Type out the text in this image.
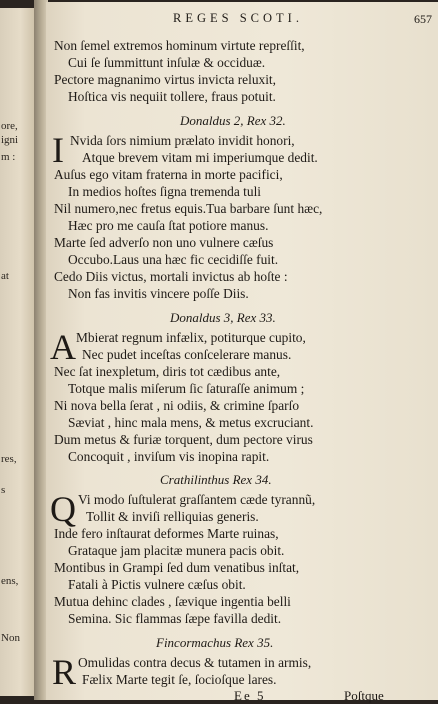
ore,
igni
m :
at
res,
s
ens,
Non
REGES SCOTI.	657
Non ſemel extremos hominum virtute repreſſit,
Cui ſe ſummittunt inſulæ & occiduæ.
Pectore magnanimo virtus invicta reluxit,
Hoſtica vis nequiit tollere, fraus potuit.
Donaldus 2, Rex 32.
I Nvida ſors nimium prælato invidit honori,
Atque brevem vitam mi imperiumque dedit.
Auſus ego vitam fraterna in morte pacifici,
In medios hoſtes ſigna tremenda tuli
Nil numero,nec fretus equis.Tua barbare ſunt hæc,
Hæc pro me cauſa ſtat potiore manus.
Marte ſed adverſo non uno vulnere cæſus
Occubo.Laus una hæc fic cecidiſſe fuit.
Cedo Diis victus, mortali invictus ab hoſte :
Non fas invitis vincere poſſe Diis.
Donaldus 3, Rex 33.
A Mbierat regnum infælix, potiturque cupito,
Nec pudet inceſtas conſcelerare manus.
Nec ſat inexpletum, diris tot cædibus ante,
Totque malis miſerum ſic ſaturaſſe animum ;
Ni nova bella ſerat , ni odiis, & crimine ſparſo
Sæviat , hinc mala mens, & metus excruciant.
Dum metus & furiæ torquent, dum pectore virus
Concoquit , inviſum vis inopina rapit.
Crathilinthus Rex 34.
Q Vi modo ſuſtulerat graſſantem cæde tyrannũ,
Tollit & inviſi relliquias generis.
Inde fero inſtaurat deformes Marte ruinas,
Grataque jam placitæ munera pacis obit.
Montibus in Grampi ſed dum venatibus inſtat,
Fatali à Pictis vulnere cæſus obit.
Mutua dehinc clades , ſævique ingentia belli
Semina. Sic flammas ſæpe favilla dedit.
Fincormachus Rex 35.
R Omulidas contra decus & tutamen in armis,
Fælix Marte tegit ſe, ſocioſque lares.
Ee 5	Poſtque
